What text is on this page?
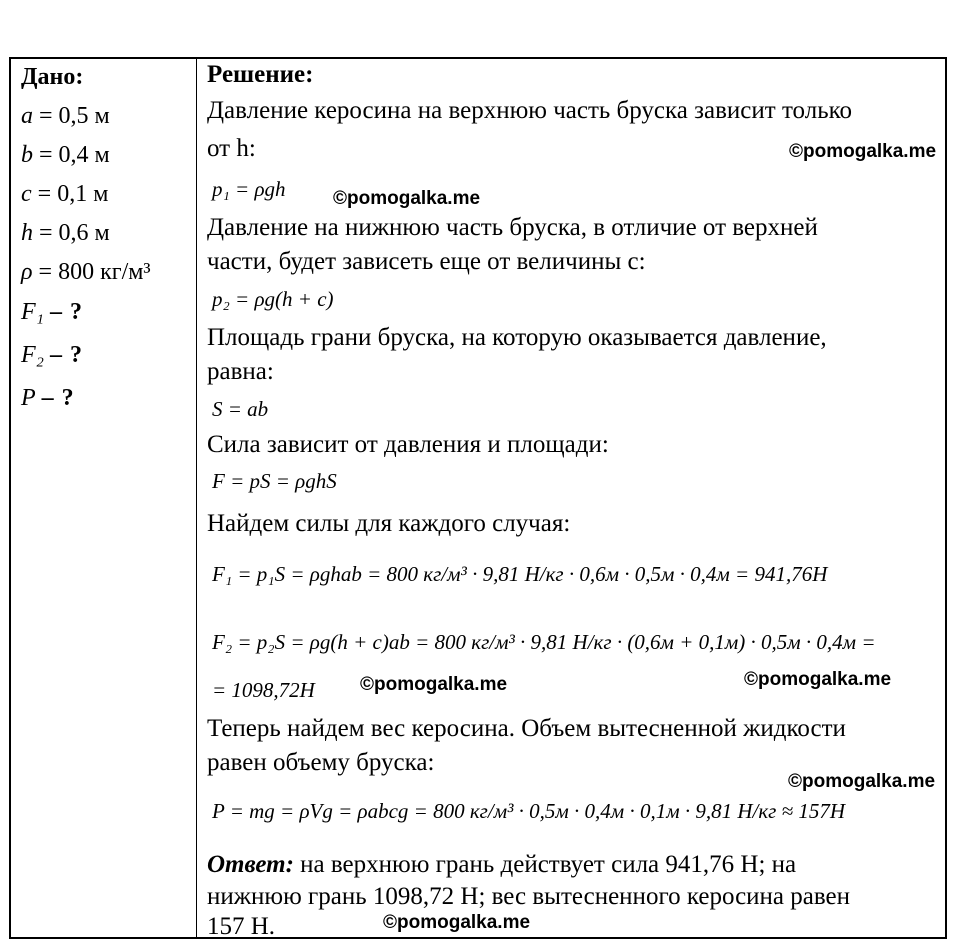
Дано:
a = 0,5 м
b = 0,4 м
c = 0,1 м
h = 0,6 м
ρ = 800 кг/м³
F₁ – ?
F₂ – ?
P – ?
Решение:
Давление керосина на верхнюю часть бруска зависит только
от h:
p₁ = ρgh
Давление на нижнюю часть бруска, в отличие от верхней
части, будет зависеть еще от величины с:
p₂ = ρg(h + c)
Площадь грани бруска, на которую оказывается давление,
равна:
S = ab
Сила зависит от давления и площади:
F = pS = ρghS
Найдем силы для каждого случая:
F₁ = p₁S = ρghab = 800 кг/м³ · 9,81 Н/кг · 0,6м · 0,5м · 0,4м = 941,76Н
F₂ = p₂S = ρg(h + c)ab = 800 кг/м³ · 9,81 Н/кг · (0,6м + 0,1м) · 0,5м · 0,4м =
= 1098,72Н
Теперь найдем вес керосина. Объем вытесненной жидкости
равен объему бруска:
P = mg = ρVg = ρabcg = 800 кг/м³ · 0,5м · 0,4м · 0,1м · 9,81 Н/кг ≈ 157Н
Ответ: на верхнюю грань действует сила 941,76 Н; на
нижнюю грань 1098,72 Н; вес вытесненного керосина равен
157 Н.
©pomogalka.me
©pomogalka.me
©pomogalka.me	©pomogalka.me
©pomogalka.me
©pomogalka.me
